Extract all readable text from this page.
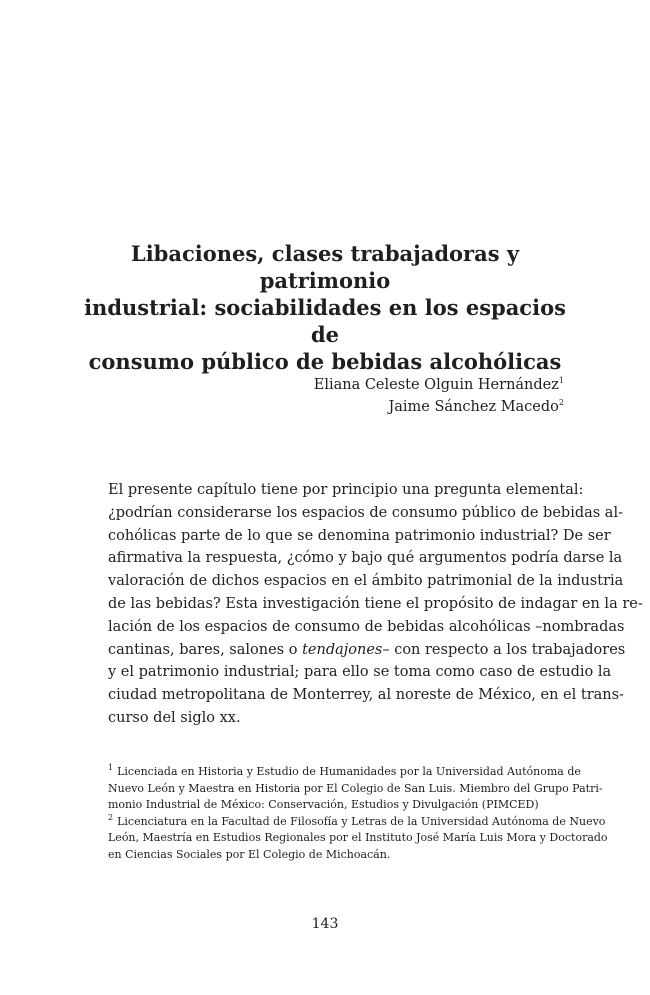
Libaciones, clases trabajadoras y patrimonio
industrial: sociabilidades en los espacios de
consumo público de bebidas alcohólicas
Eliana Celeste Olguin Hernández$^1$
Jaime Sánchez Macedo$^2$
El presente capítulo tiene por principio una pregunta elemental:
¿podrían considerarse los espacios de consumo público de bebidas al-
cohólicas parte de lo que se denomina patrimonio industrial? De ser
afirmativa la respuesta, ¿cómo y bajo qué argumentos podría darse la
valoración de dichos espacios en el ámbito patrimonial de la industria
de las bebidas? Esta investigación tiene el propósito de indagar en la re-
lación de los espacios de consumo de bebidas alcohólicas –nombradas
cantinas, bares, salones o tendajones– con respecto a los trabajadores
y el patrimonio industrial; para ello se toma como caso de estudio la
ciudad metropolitana de Monterrey, al noreste de México, en el trans-
curso del siglo xx.
$^1$ Licenciada en Historia y Estudio de Humanidades por la Universidad Autónoma de
Nuevo León y Maestra en Historia por El Colegio de San Luis. Miembro del Grupo Patri-
monio Industrial de México: Conservación, Estudios y Divulgación (PIMCED)
$^2$ Licenciatura en la Facultad de Filosofía y Letras de la Universidad Autónoma de Nuevo
León, Maestría en Estudios Regionales por el Instituto José María Luis Mora y Doctorado
en Ciencias Sociales por El Colegio de Michoacán.
143
